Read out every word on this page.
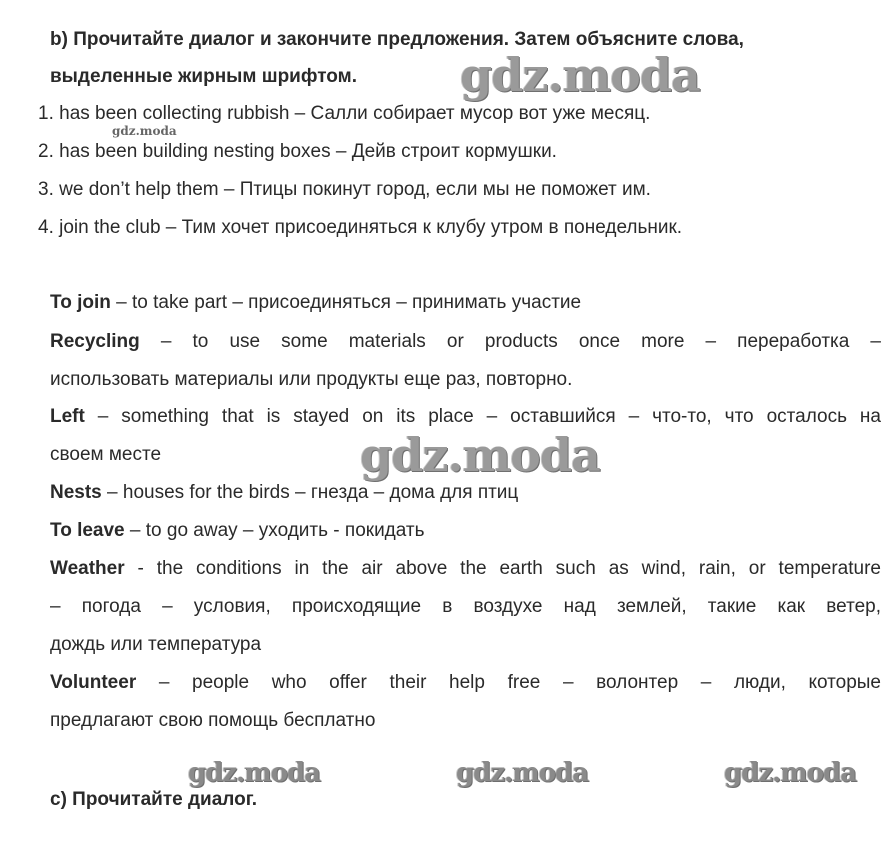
b) Прочитайте диалог и закончите предложения. Затем объясните слова,
выделенные жирным шрифтом. gdz.moda
gdz.moda
1. has been collecting rubbish – Салли собирает мусор вот уже месяц.
2. has been building nesting boxes – Дейв строит кормушки.
3. we don’t help them – Птицы покинут город, если мы не поможет им.
4. join the club – Тим хочет присоединяться к клубу утром в понедельник.
To join – to take part – присоединяться – принимать участие
Recycling – to use some materials or products once more – переработка –
использовать материалы или продукты еще раз, повторно.
Left – something that is stayed on its place – оставшийся – что-то, что осталось на
своем месте	gdz.moda
Nests – houses for the birds – гнезда – дома для птиц
To leave – to go away – уходить - покидать
Weather - the conditions in the air above the earth such as wind, rain, or temperature
– погода – условия, происходящие в воздухе над землей, такие как ветер,
дождь или температура
Volunteer – people who offer their help free – волонтер – люди, которые
предлагают свою помощь бесплатно
gdz.moda	gdz.moda	gdz.moda
c) Прочитайте диалог.
